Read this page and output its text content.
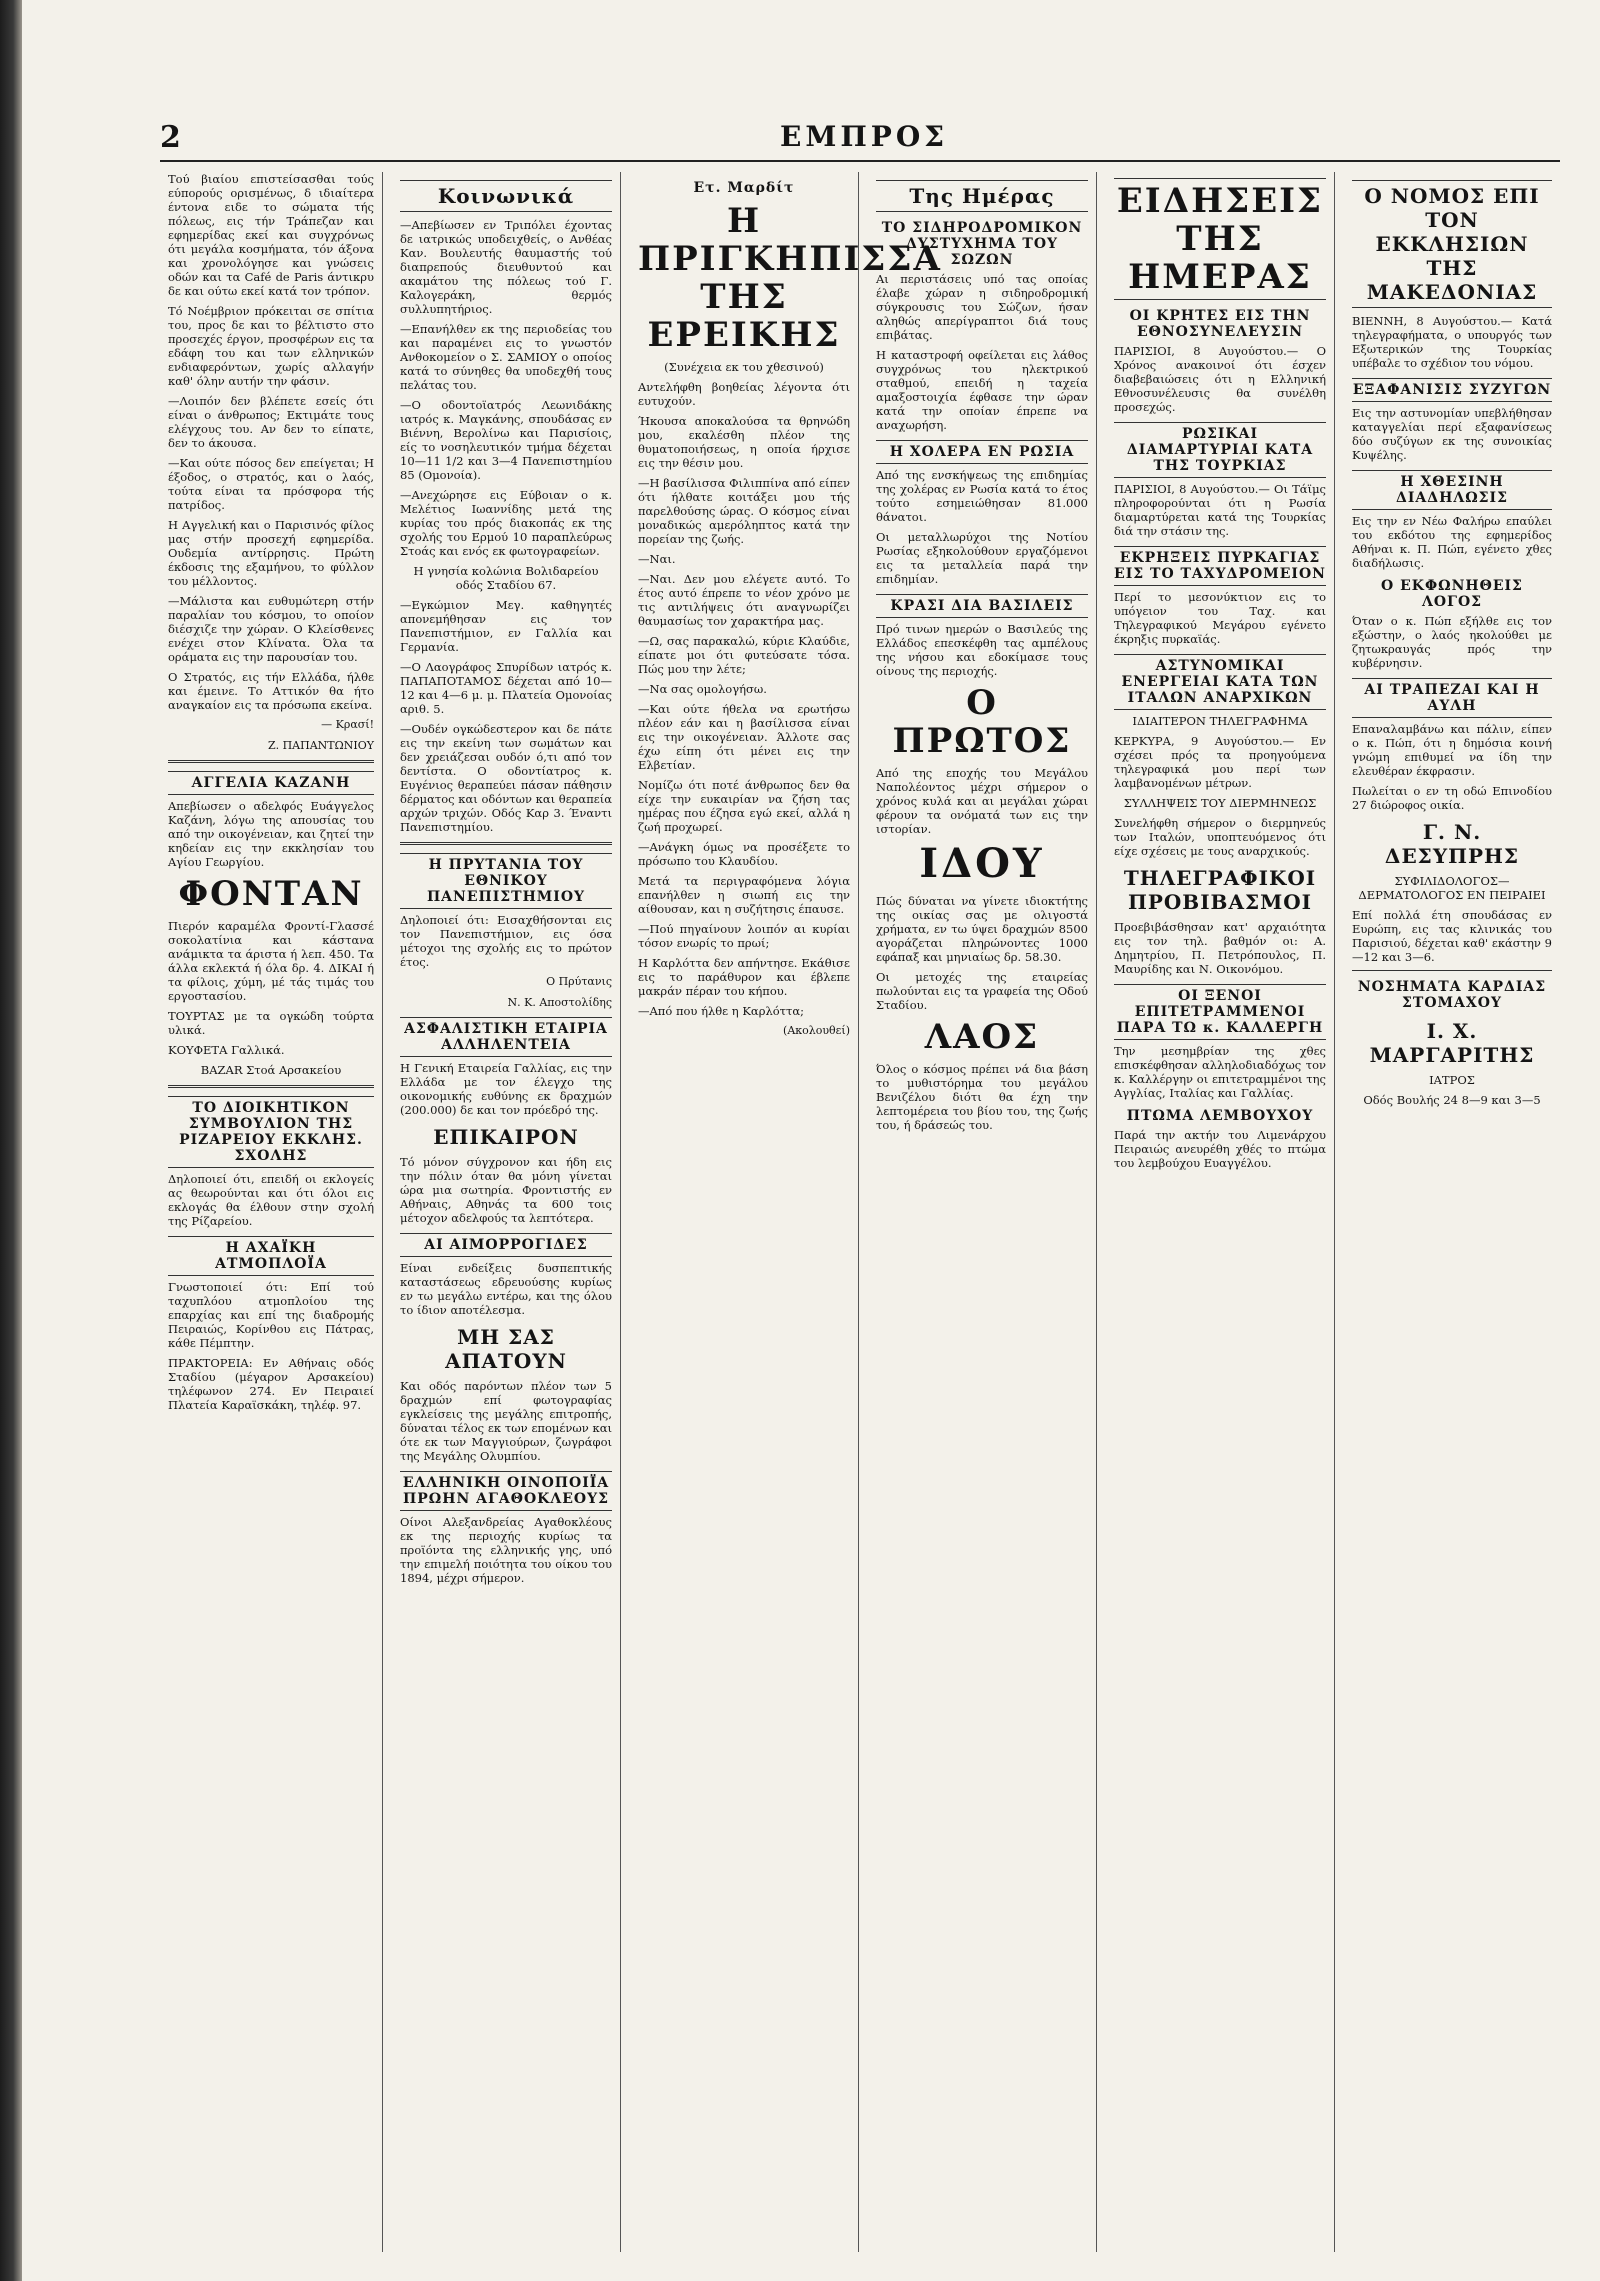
2	ΕΜΠΡΟΣ

Τού βιαίου επιστείσασθαι τούς εύπορούς ορισμένως, δ ιδιαίτερα έντονα ειδε το σώματα τής πόλεως, εις τήν Τράπεζαν και εφημερίδας εκεί και συγχρόνως ότι μεγάλα κοσμήματα, τόν άξονα και χρονολόγησε και γνώσεις οδών και τα Café de Paris άντικρυ δε και ούτω εκεί κατά τον τρόπον.

Τό Νοέμβριον πρόκειται σε σπίτια του, προς δε και το βέλτιστο στο προσεχές έργον, προσφέρων εις τα εδάφη του και των ελληνικών ενδιαφερόντων, χωρίς αλλαγήν καθ' όλην αυτήν την φάσιν.

—Λοιπόν δεν βλέπετε εσείς ότι είναι ο άνθρωπος; Εκτιμάτε τους ελέγχους του. Αν δεν το είπατε, δεν το άκουσα.

—Και ούτε πόσος δεν επείγεται; Η έξοδος, ο στρατός, και ο λαός, τούτα είναι τα πρόσφορα τής πατρίδος.

Η Αγγελική και ο Παρισινός φίλος μας στήν προσεχή εφημερίδα. Ουδεμία αντίρρησις. Πρώτη έκδοσις της εξαμήνου, το φύλλον του μέλλοντος.

—Μάλιστα και ευθυμώτερη στήν παραλίαν του κόσμου, το οποίον διέσχιζε την χώραν. Ο Κλείσθενες ενέχει στον Κλίνατα. Όλα τα οράματα εις την παρουσίαν του.

Ο Στρατός, εις τήν Ελλάδα, ήλθε και έμεινε. Το Αττικόν θα ήτο αναγκαίον εις τα πρόσωπα εκείνα.

— Κρασί!
Ζ. ΠΑΠΑΝΤΩΝΙΟΥ
ΑΓΓΕΛΙΑ ΚΑΖΑΝΗ

Απεβίωσεν ο αδελφός Ευάγγελος Καζάνη, λόγω της απουσίας του από την οικογένειαν, και ζητεί την κηδείαν εις την εκκλησίαν του Αγίου Γεωργίου.

ΦΟΝΤΑΝ

Πιερόν καραμέλα Φροντί-Γλασσέ σοκολατίνια και κάστανα ανάμικτα τα άριστα ή λεπ. 450. Τα άλλα εκλεκτά ή όλα δρ. 4. ΔΙΚΑΙ ή τα φίλοις, χύμη, μέ τάς τιμάς του εργοστασίου.

ΤΟΥΡΤΑΣ με τα ογκώδη τούρτα υλικά.

ΚΟΥΦΕΤΑ Γαλλικά.

BAZAR Στοά Αρσακείου

ΤΟ ΔΙΟΙΚΗΤΙΚΟΝ ΣΥΜΒΟΥΛΙΟΝ ΤΗΣ ΡΙΖΑΡΕΙΟΥ ΕΚΚΛΗΣ. ΣΧΟΛΗΣ

Δηλοποιεί ότι, επειδή οι εκλογείς ας θεωρούνται και ότι όλοι εις εκλογάς θα έλθουν στην σχολή της Ρίζαρείου.

Η ΑΧΑΪΚΗ ΑΤΜΟΠΛΟΪΑ

Γνωστοποιεί ότι: Επί τού ταχυπλόου ατμοπλοίου της επαρχίας και επί της διαδρομής Πειραιώς, Κορίνθου εις Πάτρας, κάθε Πέμπτην.

ΠΡΑΚΤΟΡΕΙΑ: Εν Αθήναις οδός Σταδίου (μέγαρον Αρσακείου) τηλέφωνον 274. Εν Πειραιεί Πλατεία Καραϊσκάκη, τηλέφ. 97.

Κοινωνικά

—Απεβίωσεν εν Τριπόλει έχοντας δε ιατρικώς υποδειχθείς, ο Ανθέας Καν. Βουλευτής θαυμαστής τού διαπρεπούς διευθυντού και ακαμάτου της πόλεως τού Γ. Καλογεράκη, θερμός συλλυπητήριος.

—Επανήλθεν εκ της περιοδείας του και παραμένει εις το γνωστόν Ανθοκομείον ο Σ. ΣΑΜΙΟΥ ο οποίος κατά το σύνηθες θα υποδεχθή τους πελάτας του.

—Ο οδοντοϊατρός Λεωνιδάκης ιατρός κ. Μαγκάνης, σπουδάσας εν Βιέννη, Βερολίνω και Παρισίοις, είς το νοσηλευτικόν τμήμα δέχεται 10—11 1/2 και 3—4 Πανεπιστημίου 85 (Ομονοία).

—Ανεχώρησε εις Εύβοιαν ο κ. Μελέτιος Ιωαννίδης μετά της κυρίας του πρός διακοπάς εκ της σχολής του Ερμού 10 παραπλεύρως Στοάς και ενός εκ φωτογραφείων.

Η γνησία κολώνια Βολιδαρείου οδός Σταδίου 67.

—Εγκώμιον Μεγ. καθηγητές απονεμήθησαν εις τον Πανεπιστήμιον, εν Γαλλία και Γερμανία.

—Ο Λαογράφος Σπυρίδων ιατρός κ. ΠΑΠΑΠΟΤΑΜΟΣ δέχεται από 10—12 και 4—6 μ. μ. Πλατεία Ομονοίας αριθ. 5.

—Ουδέν ογκώδεστερον και δε πάτε εις την εκείνη των σωμάτων και δεν χρειάζεσαι ουδόν ό,τι από τον δεντίστα. Ο οδοντίατρος κ. Ευγένιος θεραπεύει πάσαν πάθησιν δέρματος και οδόντων και θεραπεία αρχών τριχών. Οδός Καρ 3. Έναντι Πανεπιστημίου.

Η ΠΡΥΤΑΝΙΑ ΤΟΥ ΕΘΝΙΚΟΥ ΠΑΝΕΠΙΣΤΗΜΙΟΥ

Δηλοποιεί ότι: Εισαχθήσονται εις τον Πανεπιστήμιον, εις όσα μέτοχοι της σχολής εις το πρώτον έτος.

Ο Πρύτανις
Ν. Κ. Αποστολίδης
ΑΣΦΑΛΙΣΤΙΚΗ ΕΤΑΙΡΙΑ ΑΛΛΗΛΕΝΤΕΙΑ

Η Γενική Εταιρεία Γαλλίας, εις την Ελλάδα με τον έλεγχο της οικονομικής ευθύνης εκ δραχμών (200.000) δε και τον πρόεδρό της.

ΕΠΙΚΑΙΡΟΝ

Τό μόνον σύγχρονον και ήδη εις την πόλιν όταν θα μόνη γίνεται ώρα μια σωτηρία. Φροντιστής εν Αθήναις, Αθηνάς τα 600 τοις μέτοχον αδελφούς τα λεπτότερα.

ΑΙ ΑΙΜΟΡΡΟΓΙΔΕΣ

Είναι ενδείξεις δυσπεπτικής καταστάσεως εδρευούσης κυρίως εν τω μεγάλω εντέρω, και της όλου το ίδιον αποτέλεσμα.

ΜΗ ΣΑΣ ΑΠΑΤΟΥΝ

Και οδός παρόντων πλέον των 5 δραχμών επί φωτογραφίας εγκλείσεις της μεγάλης επιτροπής, δύναται τέλος εκ των επομένων και ότε εκ των Μαγγιούρων, ζωγράφοι της Μεγάλης Ολυμπίου.

ΕΛΛΗΝΙΚΗ ΟΙΝΟΠΟΙΪΑ ΠΡΩΗΝ ΑΓΑΘΟΚΛΕΟΥΣ

Οίνοι Αλεξανδρείας Αγαθοκλέους εκ της περιοχής κυρίως τα προϊόντα της ελληνικής γης, υπό την επιμελή ποιότητα του οίκου του 1894, μέχρι σήμερον.

Ετ. Μαρδίτ
Η ΠΡΙΓΚΗΠΙΣΣΑ ΤΗΣ ΕΡΕΙΚΗΣ
(Συνέχεια εκ του χθεσινού)

Αντελήφθη βοηθείας λέγοντα ότι ευτυχούν.

Ήκουσα αποκαλούσα τα θρηνώδη μου, εκαλέσθη πλέον της θυματοποιήσεως, η οποία ήρχισε εις την θέσιν μου.

—Η βασίλισσα Φιλιππίνα από είπεν ότι ήλθατε κοιτάξει μου τής παρελθούσης ώρας. Ο κόσμος είναι μοναδικώς αμερόληπτος κατά την πορείαν της ζωής.

—Ναι.

—Ναι. Δεν μου ελέγετε αυτό. Το έτος αυτό έπρεπε το νέον χρόνο με τις αντιλήψεις ότι αναγνωρίζει θαυμασίως τον χαρακτήρα μας.

—Ω, σας παρακαλώ, κύριε Κλαύδιε, είπατε μοι ότι φυτεύσατε τόσα. Πώς μου την λέτε;

—Να σας ομολογήσω.

—Και ούτε ήθελα να ερωτήσω πλέον εάν και η βασίλισσα είναι εις την οικογένειαν. Άλλοτε σας έχω είπη ότι μένει εις την Ελβετίαν.

Νομίζω ότι ποτέ άνθρωπος δεν θα είχε την ευκαιρίαν να ζήση τας ημέρας που έζησα εγώ εκεί, αλλά η ζωή προχωρεί.

—Ανάγκη όμως να προσέξετε το πρόσωπο του Κλαυδίου.

Μετά τα περιγραφόμενα λόγια επανήλθεν η σιωπή εις την αίθουσαν, και η συζήτησις έπαυσε.

—Πού πηγαίνουν λοιπόν αι κυρίαι τόσον ενωρίς το πρωί;

Η Καρλόττα δεν απήντησε. Εκάθισε εις το παράθυρον και έβλεπε μακράν πέραν του κήπου.

—Από που ήλθε η Καρλόττα;

(Ακολουθεί)
Της Ημέρας
ΤΟ ΣΙΔΗΡΟΔΡΟΜΙΚΟΝ ΔΥΣΤΥΧΗΜΑ ΤΟΥ ΣΩΖΩΝ

Αι περιστάσεις υπό τας οποίας έλαβε χώραν η σιδηροδρομική σύγκρουσις του Σώζων, ήσαν αληθώς απερίγραπτοι διά τους επιβάτας.

Η καταστροφή οφείλεται εις λάθος συγχρόνως του ηλεκτρικού σταθμού, επειδή η ταχεία αμαξοστοιχία έφθασε την ώραν κατά την οποίαν έπρεπε να αναχωρήση.

Η ΧΟΛΕΡΑ ΕΝ ΡΩΣΙΑ

Από της ενσκήψεως της επιδημίας της χολέρας εν Ρωσία κατά το έτος τούτο εσημειώθησαν 81.000 θάνατοι.

Οι μεταλλωρύχοι της Νοτίου Ρωσίας εξηκολούθουν εργαζόμενοι εις τα μεταλλεία παρά την επιδημίαν.

ΚΡΑΣΙ ΔΙΑ ΒΑΣΙΛΕΙΣ

Πρό τινων ημερών ο Βασιλεύς της Ελλάδος επεσκέφθη τας αμπέλους της νήσου και εδοκίμασε τους οίνους της περιοχής.

Ο ΠΡΩΤΟΣ

Από της εποχής του Μεγάλου Ναπολέοντος μέχρι σήμερον ο χρόνος κυλά και αι μεγάλαι χώραι φέρουν τα ονόματά των εις την ιστορίαν.

ΙΔΟΥ

Πώς δύναται να γίνετε ιδιοκτήτης της οικίας σας με ολιγοστά χρήματα, εν τω ύψει δραχμών 8500 αγοράζεται πληρώνοντες 1000 εφάπαξ και μηνιαίως δρ. 58.30.

Οι μετοχές της εταιρείας πωλούνται εις τα γραφεία της Οδού Σταδίου.

ΛΑΟΣ

Όλος ο κόσμος πρέπει νά δια βάση το μυθιστόρημα του μεγάλου Βενιζέλου διότι θα έχη την λεπτομέρεια του βίου του, της ζωής του, ή δράσεώς του.

ΕΙΔΗΣΕΙΣ ΤΗΣ ΗΜΕΡΑΣ
ΟΙ ΚΡΗΤΕΣ ΕΙΣ ΤΗΝ ΕΘΝΟΣΥΝΕΛΕΥΣΙΝ

ΠΑΡΙΣΙΟΙ, 8 Αυγούστου.— Ο Χρόνος ανακοινοί ότι έσχεν διαβεβαιώσεις ότι η Ελληνική Εθνοσυνέλευσις θα συνέλθη προσεχώς.

ΡΩΣΙΚΑΙ ΔΙΑΜΑΡΤΥΡΙΑΙ ΚΑΤΑ ΤΗΣ ΤΟΥΡΚΙΑΣ

ΠΑΡΙΣΙΟΙ, 8 Αυγούστου.— Οι Τάϊμς πληροφορούνται ότι η Ρωσία διαμαρτύρεται κατά της Τουρκίας διά την στάσιν της.

ΕΚΡΗΞΕΙΣ ΠΥΡΚΑΓΙΑΣ ΕΙΣ ΤΟ ΤΑΧΥΔΡΟΜΕΙΟΝ

Περί το μεσονύκτιον εις το υπόγειον του Ταχ. και Τηλεγραφικού Μεγάρου εγένετο έκρηξις πυρκαϊάς.

ΑΣΤΥΝΟΜΙΚΑΙ ΕΝΕΡΓΕΙΑΙ ΚΑΤΑ ΤΩΝ ΙΤΑΛΩΝ ΑΝΑΡΧΙΚΩΝ
ΙΔΙΑΙΤΕΡΟΝ ΤΗΛΕΓΡΑΦΗΜΑ

ΚΕΡΚΥΡΑ, 9 Αυγούστου.— Εν σχέσει πρός τα προηγούμενα τηλεγραφικά μου περί των λαμβανομένων μέτρων.

ΣΥΛΛΗΨΕΙΣ ΤΟΥ ΔΙΕΡΜΗΝΕΩΣ

Συνελήφθη σήμερον ο διερμηνεύς των Ιταλών, υποπτευόμενος ότι είχε σχέσεις με τους αναρχικούς.

ΤΗΛΕΓΡΑΦΙΚΟΙ ΠΡΟΒΙΒΑΣΜΟΙ

Προεβιβάσθησαν κατ' αρχαιότητα εις τον τηλ. βαθμόν οι: Α. Δημητρίου, Π. Πετρόπουλος, Π. Μαυρίδης και Ν. Οικονόμου.

ΟΙ ΞΕΝΟΙ ΕΠΙΤΕΤΡΑΜΜΕΝΟΙ ΠΑΡΑ ΤΩ κ. ΚΑΛΛΕΡΓΗ

Την μεσημβρίαν της χθες επισκέφθησαν αλληλοδιαδόχως τον κ. Καλλέργην οι επιτετραμμένοι της Αγγλίας, Ιταλίας και Γαλλίας.

ΠΤΩΜΑ ΛΕΜΒΟΥΧΟΥ

Παρά την ακτήν του Λιμενάρχου Πειραιώς ανευρέθη χθές το πτώμα του λεμβούχου Ευαγγέλου.

Ο ΝΟΜΟΣ ΕΠΙ ΤΟΝ ΕΚΚΛΗΣΙΩΝ ΤΗΣ ΜΑΚΕΔΟΝΙΑΣ

ΒΙΕΝΝΗ, 8 Αυγούστου.— Κατά τηλεγραφήματα, ο υπουργός των Εξωτερικών της Τουρκίας υπέβαλε το σχέδιον του νόμου.

ΕΞΑΦΑΝΙΣΙΣ ΣΥΖΥΓΩΝ

Εις την αστυνομίαν υπεβλήθησαν καταγγελίαι περί εξαφανίσεως δύο συζύγων εκ της συνοικίας Κυψέλης.

Η ΧΘΕΣΙΝΗ ΔΙΑΔΗΛΩΣΙΣ

Εις την εν Νέω Φαλήρω επαύλει του εκδότου της εφημερίδος Αθήναι κ. Π. Πώπ, εγένετο χθες διαδήλωσις.

Ο ΕΚΦΩΝΗΘΕΙΣ ΛΟΓΟΣ

Όταν ο κ. Πώπ εξήλθε εις τον εξώστην, ο λαός ηκολούθει με ζητωκραυγάς πρός την κυβέρνησιν.

ΑΙ ΤΡΑΠΕΖΑΙ ΚΑΙ Η ΑΥΛΗ

Επαναλαμβάνω και πάλιν, είπεν ο κ. Πώπ, ότι η δημόσια κοινή γνώμη επιθυμεί να ίδη την ελευθέραν έκφρασιν.

Πωλείται ο εν τη οδώ Επινοδίου 27 διώροφος οικία.

Γ. Ν. ΔΕΣΥΠΡΗΣ
ΣΥΦΙΛΙΔΟΛΟΓΟΣ—ΔΕΡΜΑΤΟΛΟΓΟΣ ΕΝ ΠΕΙΡΑΙΕΙ

Επί πολλά έτη σπουδάσας εν Ευρώπη, εις τας κλινικάς του Παρισιού, δέχεται καθ' εκάστην 9—12 και 3—6.

ΝΟΣΗΜΑΤΑ ΚΑΡΔΙΑΣ ΣΤΟΜΑΧΟΥ
Ι. Χ. ΜΑΡΓΑΡΙΤΗΣ
ΙΑΤΡΟΣ
Οδός Βουλής 24 8—9 και 3—5
